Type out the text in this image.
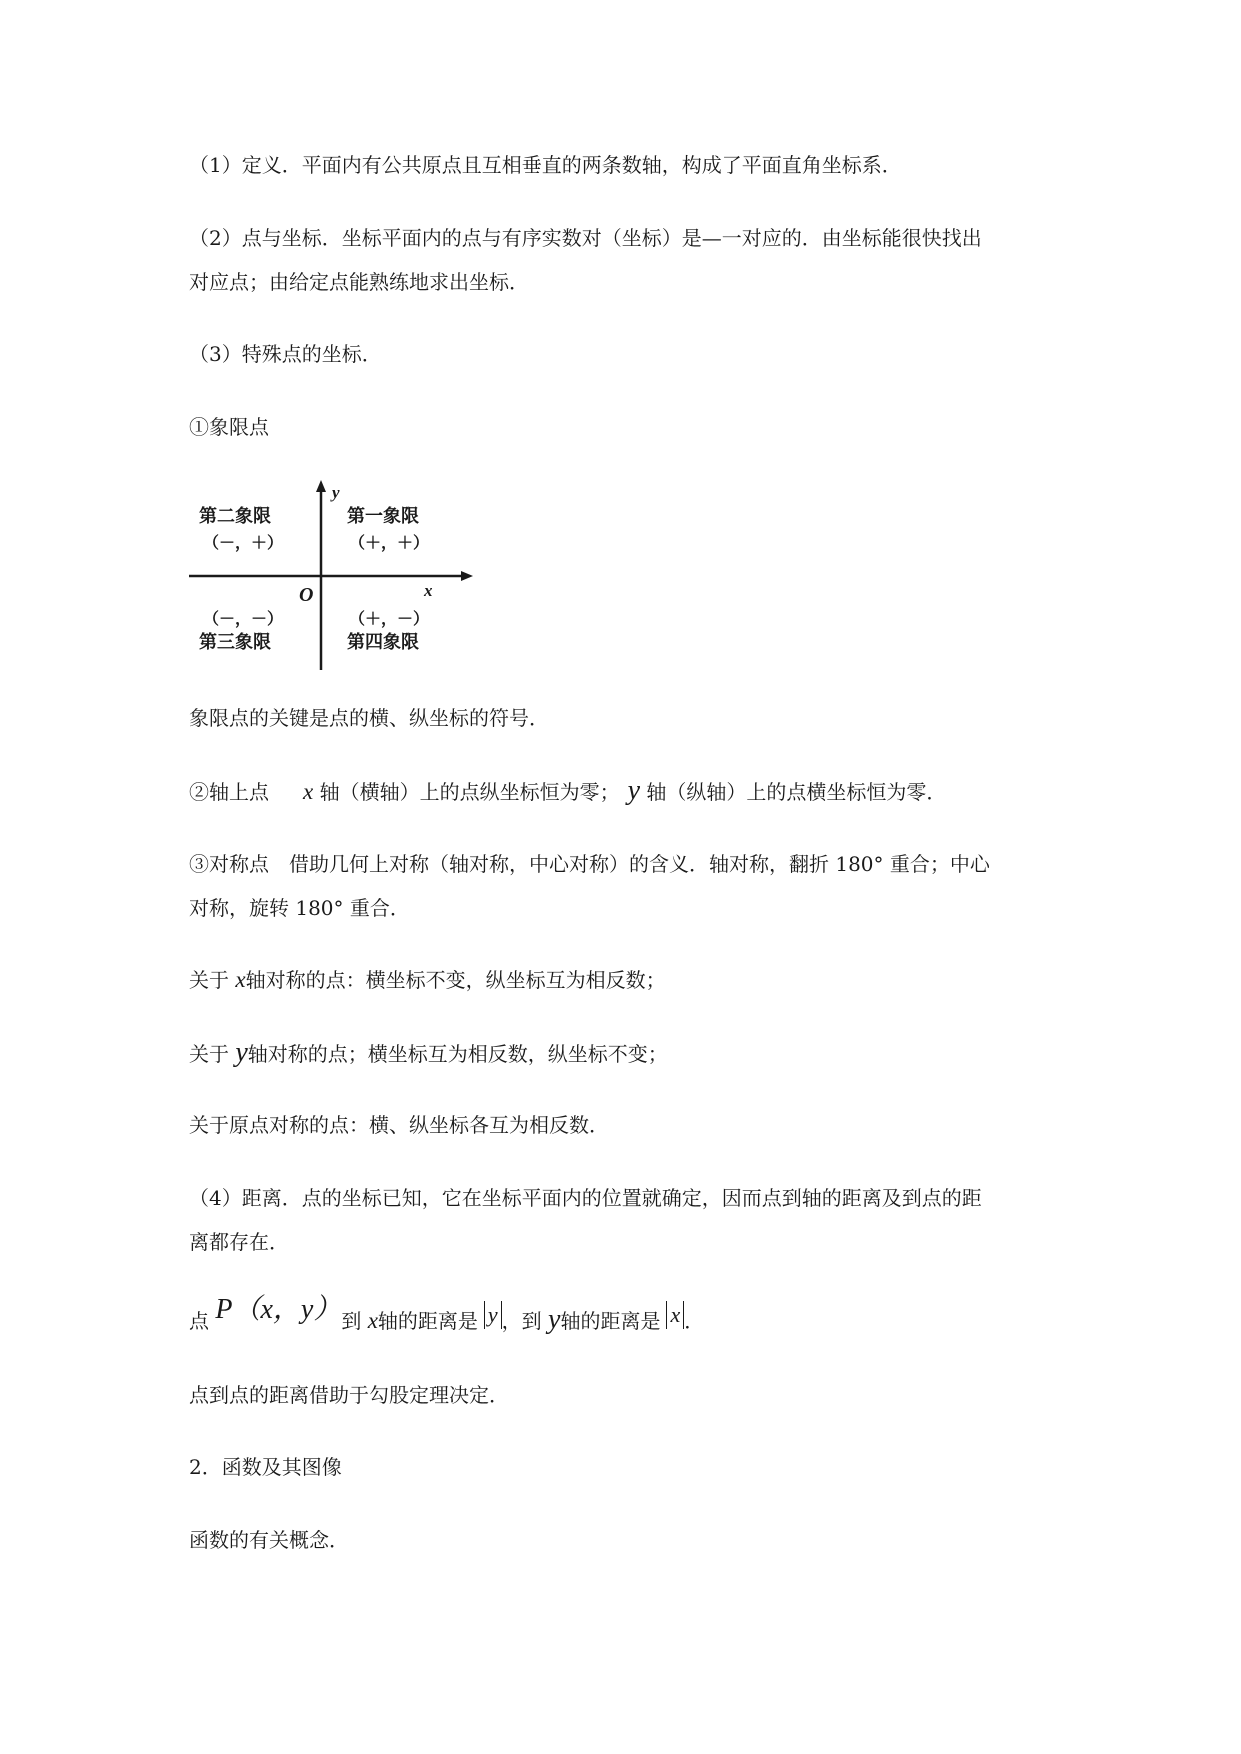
（1）定义．平面内有公共原点且互相垂直的两条数轴，构成了平面直角坐标系．
（2）点与坐标．坐标平面内的点与有序实数对（坐标）是—一对应的．由坐标能很快找出
对应点；由给定点能熟练地求出坐标．
（3）特殊点的坐标．
①象限点
y
x
O
第二象限
（－，＋）
第一象限
（＋，＋）
（－，－）
第三象限
（＋，－）
第四象限
象限点的关键是点的横、纵坐标的符号．
②轴上点 x 轴（横轴）上的点纵坐标恒为零； y 轴（纵轴）上的点横坐标恒为零．
③对称点　借助几何上对称（轴对称，中心对称）的含义．轴对称，翻折 180° 重合；中心
对称，旋转 180° 重合．
关于 x轴对称的点：横坐标不变，纵坐标互为相反数；
关于 y轴对称的点；横坐标互为相反数，纵坐标不变；
关于原点对称的点：横、纵坐标各互为相反数．
（4）距离．点的坐标已知，它在坐标平面内的位置就确定，因而点到轴的距离及到点的距
离都存在．
点 P（x，y）到 x轴的距离是 y ，到 y轴的距离是 x ．
点到点的距离借助于勾股定理决定．
2．函数及其图像
函数的有关概念．
